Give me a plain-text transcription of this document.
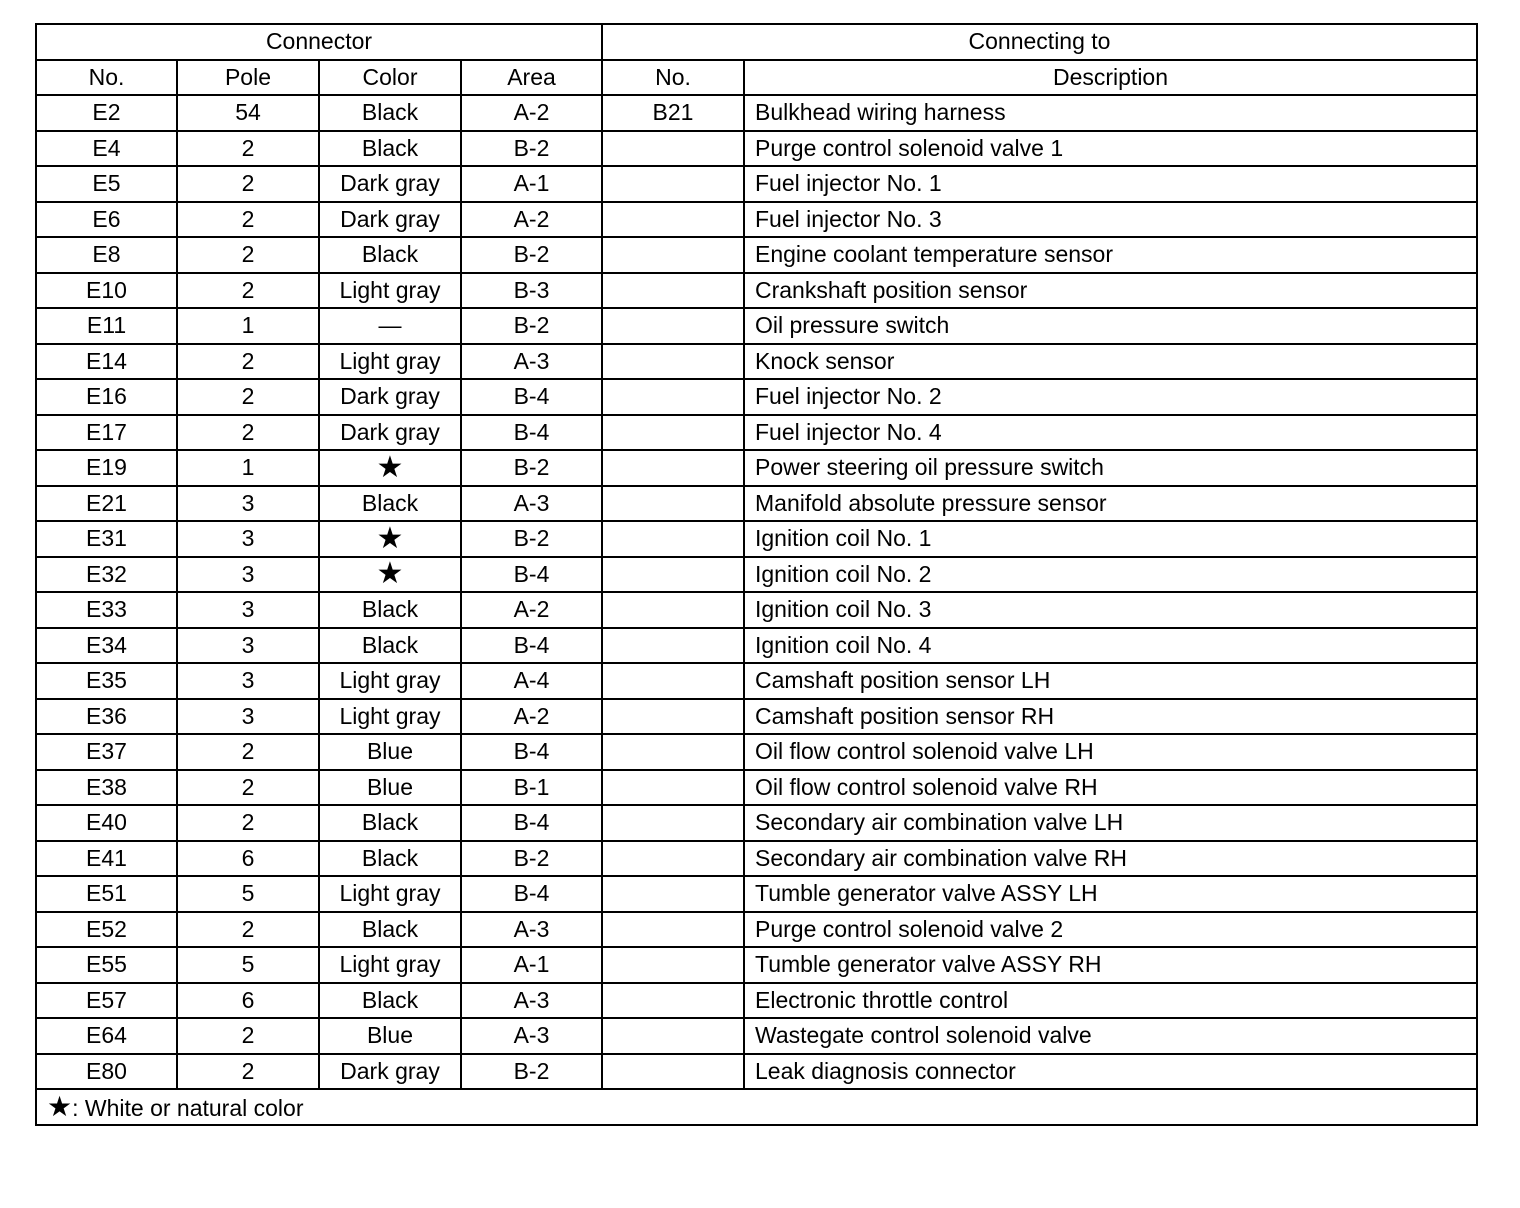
Connector				Connecting to	
No.	Pole	Color	Area	No.	Description
E2	54	Black	A-2	B21	Bulkhead wiring harness
E4	2	Black	B-2		Purge control solenoid valve 1
E5	2	Dark gray	A-1		Fuel injector No. 1
E6	2	Dark gray	A-2		Fuel injector No. 3
E8	2	Black	B-2		Engine coolant temperature sensor
E10	2	Light gray	B-3		Crankshaft position sensor
E11	1	—	B-2		Oil pressure switch
E14	2	Light gray	A-3		Knock sensor
E16	2	Dark gray	B-4		Fuel injector No. 2
E17	2	Dark gray	B-4		Fuel injector No. 4
E19	1	★	B-2		Power steering oil pressure switch
E21	3	Black	A-3		Manifold absolute pressure sensor
E31	3	★	B-2		Ignition coil No. 1
E32	3	★	B-4		Ignition coil No. 2
E33	3	Black	A-2		Ignition coil No. 3
E34	3	Black	B-4		Ignition coil No. 4
E35	3	Light gray	A-4		Camshaft position sensor LH
E36	3	Light gray	A-2		Camshaft position sensor RH
E37	2	Blue	B-4		Oil flow control solenoid valve LH
E38	2	Blue	B-1		Oil flow control solenoid valve RH
E40	2	Black	B-4		Secondary air combination valve LH
E41	6	Black	B-2		Secondary air combination valve RH
E51	5	Light gray	B-4		Tumble generator valve ASSY LH
E52	2	Black	A-3		Purge control solenoid valve 2
E55	5	Light gray	A-1		Tumble generator valve ASSY RH
E57	6	Black	A-3		Electronic throttle control
E64	2	Blue	A-3		Wastegate control solenoid valve
E80	2	Dark gray	B-2		Leak diagnosis connector
★: White or natural color					
